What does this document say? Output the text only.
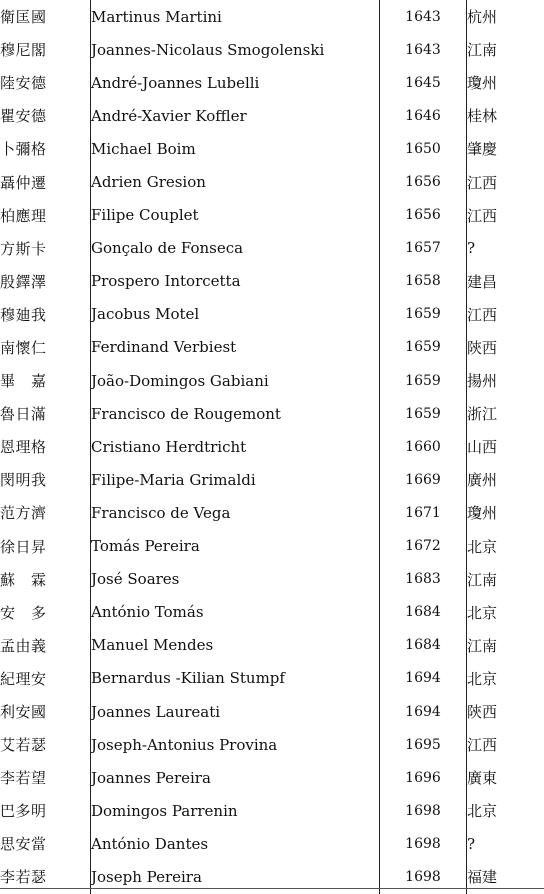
衛匡國	Martinus Martini	1643	杭州
穆尼閣	Joannes-Nicolaus Smogolenski	1643	江南
陸安德	André-Joannes Lubelli	1645	瓊州
瞿安德	André-Xavier Koffler	1646	桂林
卜彌格	Michael Boim	1650	肇慶
聶仲遷	Adrien Gresion	1656	江西
柏應理	Filipe Couplet	1656	江西
方斯卡	Gonçalo de Fonseca	1657	?
殷鐸澤	Prospero Intorcetta	1658	建昌
穆廸我	Jacobus Motel	1659	江西
南懷仁	Ferdinand Verbiest	1659	陝西
畢　嘉	João-Domingos Gabiani	1659	揚州
魯日滿	Francisco de Rougemont	1659	浙江
恩理格	Cristiano Herdtricht	1660	山西
閔明我	Filipe-Maria Grimaldi	1669	廣州
范方濟	Francisco de Vega	1671	瓊州
徐日昇	Tomás Pereira	1672	北京
蘇　霖	José Soares	1683	江南
安　多	António Tomás	1684	北京
孟由義	Manuel Mendes	1684	江南
紀理安	Bernardus -Kilian Stumpf	1694	北京
利安國	Joannes Laureati	1694	陝西
艾若瑟	Joseph-Antonius Provina	1695	江西
李若望	Joannes Pereira	1696	廣東
巴多明	Domingos Parrenin	1698	北京
思安當	António Dantes	1698	?
李若瑟	Joseph Pereira	1698	福建
